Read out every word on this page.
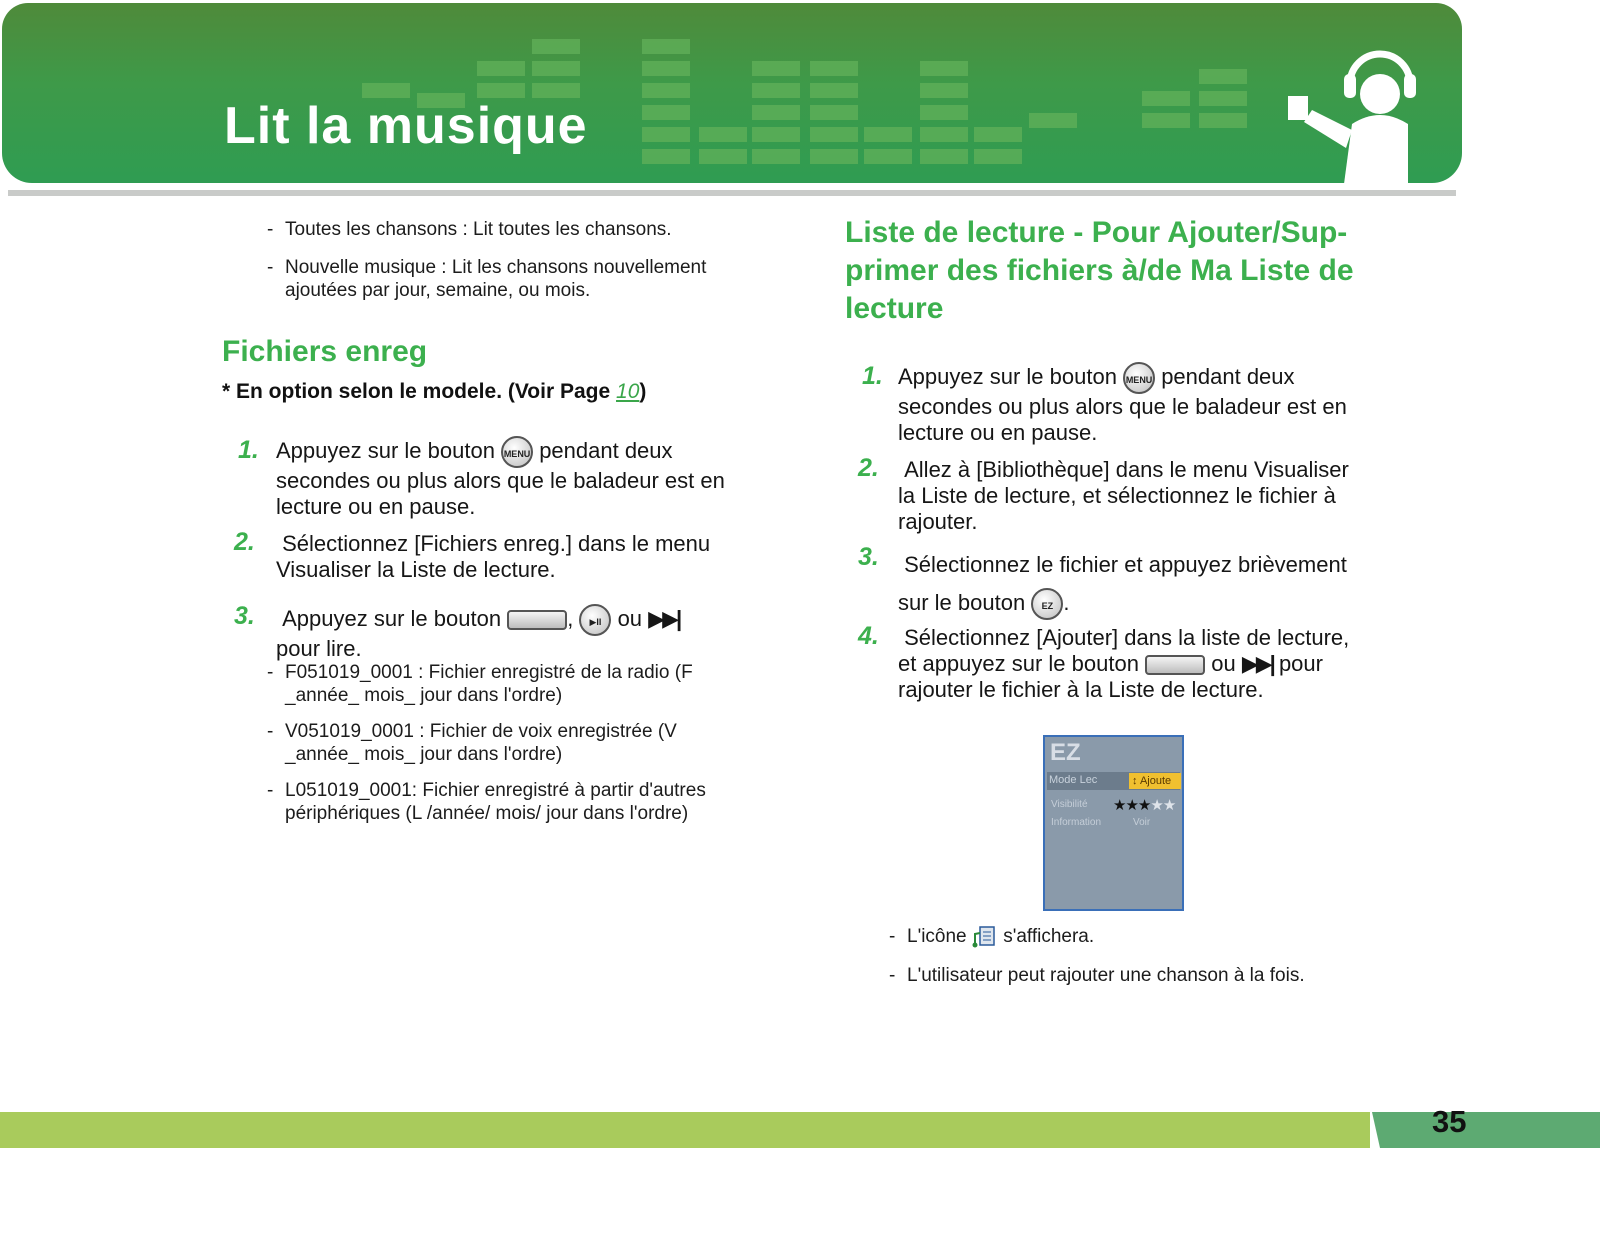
Lit la musique

- Toutes les chansons : Lit toutes les chansons.

- Nouvelle musique : Lit les chansons nouvellement
ajoutées par jour, semaine, ou mois.

Fichiers enreg

* En option selon le modele. (Voir Page 10)

1. Appuyez sur le bouton MENU pendant deux
secondes ou plus alors que le baladeur est en
lecture ou en pause.

2. Sélectionnez [Fichiers enreg.] dans le menu
Visualiser la Liste de lecture.

3. Appuyez sur le bouton	, ▶II ou ▶▶|
pour lire.

- F051019_0001 : Fichier enregistré de la radio (F
_année_ mois_ jour dans l'ordre)

- V051019_0001 : Fichier de voix enregistrée (V
_année_ mois_ jour dans l'ordre)

- L051019_0001: Fichier enregistré à partir d'autres
périphériques (L /année/ mois/ jour dans l'ordre)

Liste de lecture - Pour Ajouter/Sup-
primer des fichiers à/de Ma Liste de
lecture
1. Appuyez sur le bouton MENU pendant deux
secondes ou plus alors que le baladeur est en
lecture ou en pause.

2. Allez à [Bibliothèque] dans le menu Visualiser
la Liste de lecture, et sélectionnez le fichier à
rajouter.

3. Sélectionnez le fichier et appuyez brièvement
sur le bouton EZ .

4. Sélectionnez [Ajouter] dans la liste de lecture,
et appuyez sur le bouton	ou ▶▶| pour
rajouter le fichier à la Liste de lecture.

EZ
Mode Lec	↕ Ajoute
Visibilité ★★★★★
Information	Voir

- L'icône s'affichera.

- L'utilisateur peut rajouter une chanson à la fois.

35
